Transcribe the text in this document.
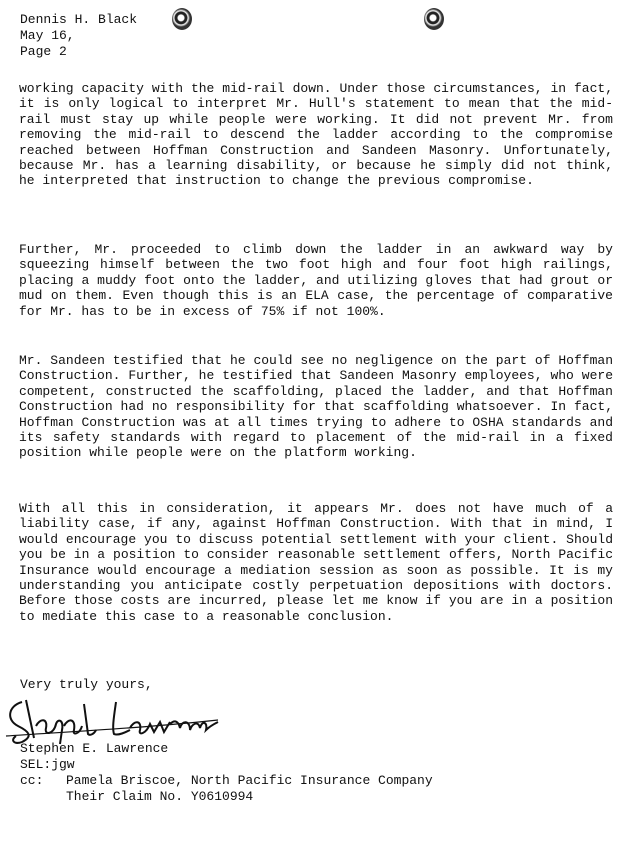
Dennis H. Black
May 16,
Page 2
working capacity with the mid-rail down. Under those circumstances, in fact, it is only logical to interpret Mr. Hull's statement to mean that the mid-rail must stay up while people were working. It did not prevent Mr. from removing the mid-rail to descend the ladder according to the compromise reached between Hoffman Construction and Sandeen Masonry. Unfortunately, because Mr. has a learning disability, or because he simply did not think, he interpreted that instruction to change the previous compromise.
Further, Mr. proceeded to climb down the ladder in an awkward way by squeezing himself between the two foot high and four foot high railings, placing a muddy foot onto the ladder, and utilizing gloves that had grout or mud on them. Even though this is an ELA case, the percentage of comparative for Mr. has to be in excess of 75% if not 100%.
Mr. Sandeen testified that he could see no negligence on the part of Hoffman Construction. Further, he testified that Sandeen Masonry employees, who were competent, constructed the scaffolding, placed the ladder, and that Hoffman Construction had no responsibility for that scaffolding whatsoever. In fact, Hoffman Construction was at all times trying to adhere to OSHA standards and its safety standards with regard to placement of the mid-rail in a fixed position while people were on the platform working.
With all this in consideration, it appears Mr. does not have much of a liability case, if any, against Hoffman Construction. With that in mind, I would encourage you to discuss potential settlement with your client. Should you be in a position to consider reasonable settlement offers, North Pacific Insurance would encourage a mediation session as soon as possible. It is my understanding you anticipate costly perpetuation depositions with doctors. Before those costs are incurred, please let me know if you are in a position to mediate this case to a reasonable conclusion.
Very truly yours,
Stephen E. Lawrence
SEL:jgw
cc:	Pamela Briscoe, North Pacific Insurance Company
Their Claim No. Y0610994
